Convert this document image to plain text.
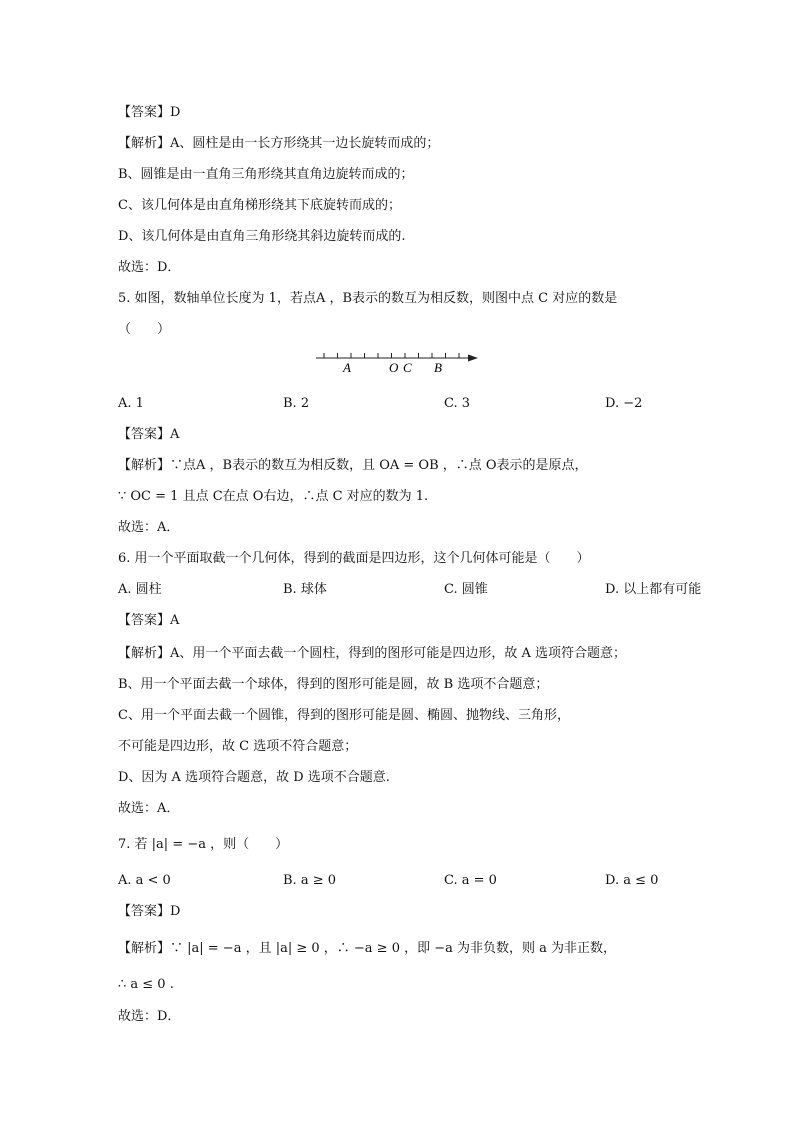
【答案】D
【解析】A、圆柱是由一长方形绕其一边长旋转而成的；
B、圆锥是由一直角三角形绕其直角边旋转而成的；
C、该几何体是由直角梯形绕其下底旋转而成的；
D、该几何体是由直角三角形绕其斜边旋转而成的.
故选：D．
5. 如图，数轴单位长度为 1，若点A ，B表示的数互为相反数，则图中点 C 对应的数是
（　　）
A	O C B
A. 1	B. 2	C. 3	D. −2
【答案】A
【解析】∵点A ，B表示的数互为相反数，且 OA = OB ，∴点 O表示的是原点，
∵ OC = 1 且点 C在点 O右边，∴点 C 对应的数为 1.
故选：A．
6. 用一个平面取截一个几何体，得到的截面是四边形，这个几何体可能是（　　）
A. 圆柱	B. 球体	C. 圆锥	D. 以上都有可能
【答案】A
【解析】A、用一个平面去截一个圆柱，得到的图形可能是四边形，故 A 选项符合题意；
B、用一个平面去截一个球体，得到的图形可能是圆，故 B 选项不合题意；
C、用一个平面去截一个圆锥，得到的图形可能是圆、椭圆、抛物线、三角形，
不可能是四边形，故 C 选项不符合题意；
D、因为 A 选项符合题意，故 D 选项不合题意.
故选：A．
7. 若 |a| = −a ，则（　　）
A. a < 0	B. a ≥ 0	C. a = 0	D. a ≤ 0
【答案】D
【解析】∵ |a| = −a ，且 |a| ≥ 0 ，∴ −a ≥ 0 ，即 −a 为非负数，则 a 为非正数，
∴ a ≤ 0 .
故选：D．
